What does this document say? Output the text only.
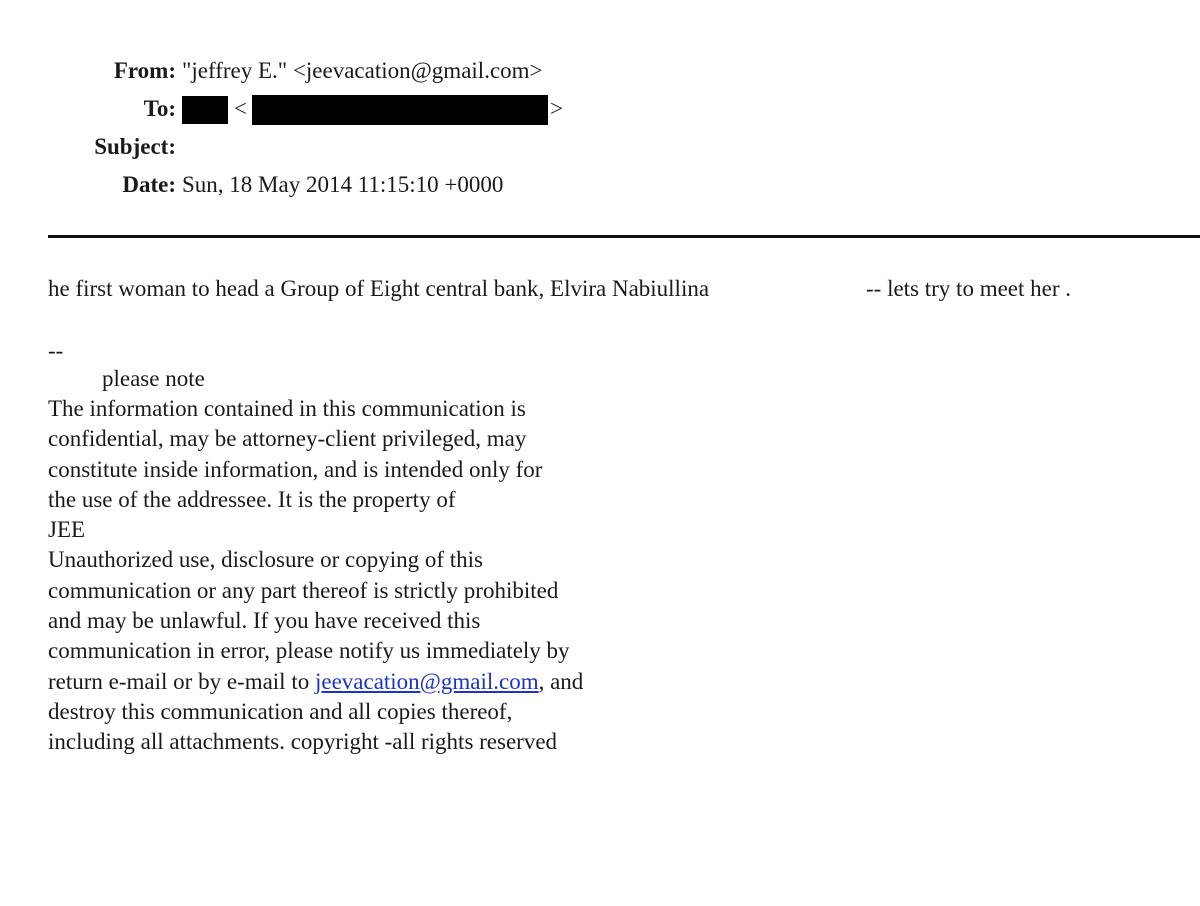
From: "jeffrey E." <jeevacation@gmail.com>
To:	<	>
Subject:
Date: Sun, 18 May 2014 11:15:10 +0000
he first woman to head a Group of Eight central bank, Elvira Nabiullina	-- lets try to meet her .
--
please note
The information contained in this communication is
confidential, may be attorney-client privileged, may
constitute inside information, and is intended only for
the use of the addressee. It is the property of
JEE
Unauthorized use, disclosure or copying of this
communication or any part thereof is strictly prohibited
and may be unlawful. If you have received this
communication in error, please notify us immediately by
return e-mail or by e-mail to jeevacation@gmail.com, and
destroy this communication and all copies thereof,
including all attachments. copyright -all rights reserved
